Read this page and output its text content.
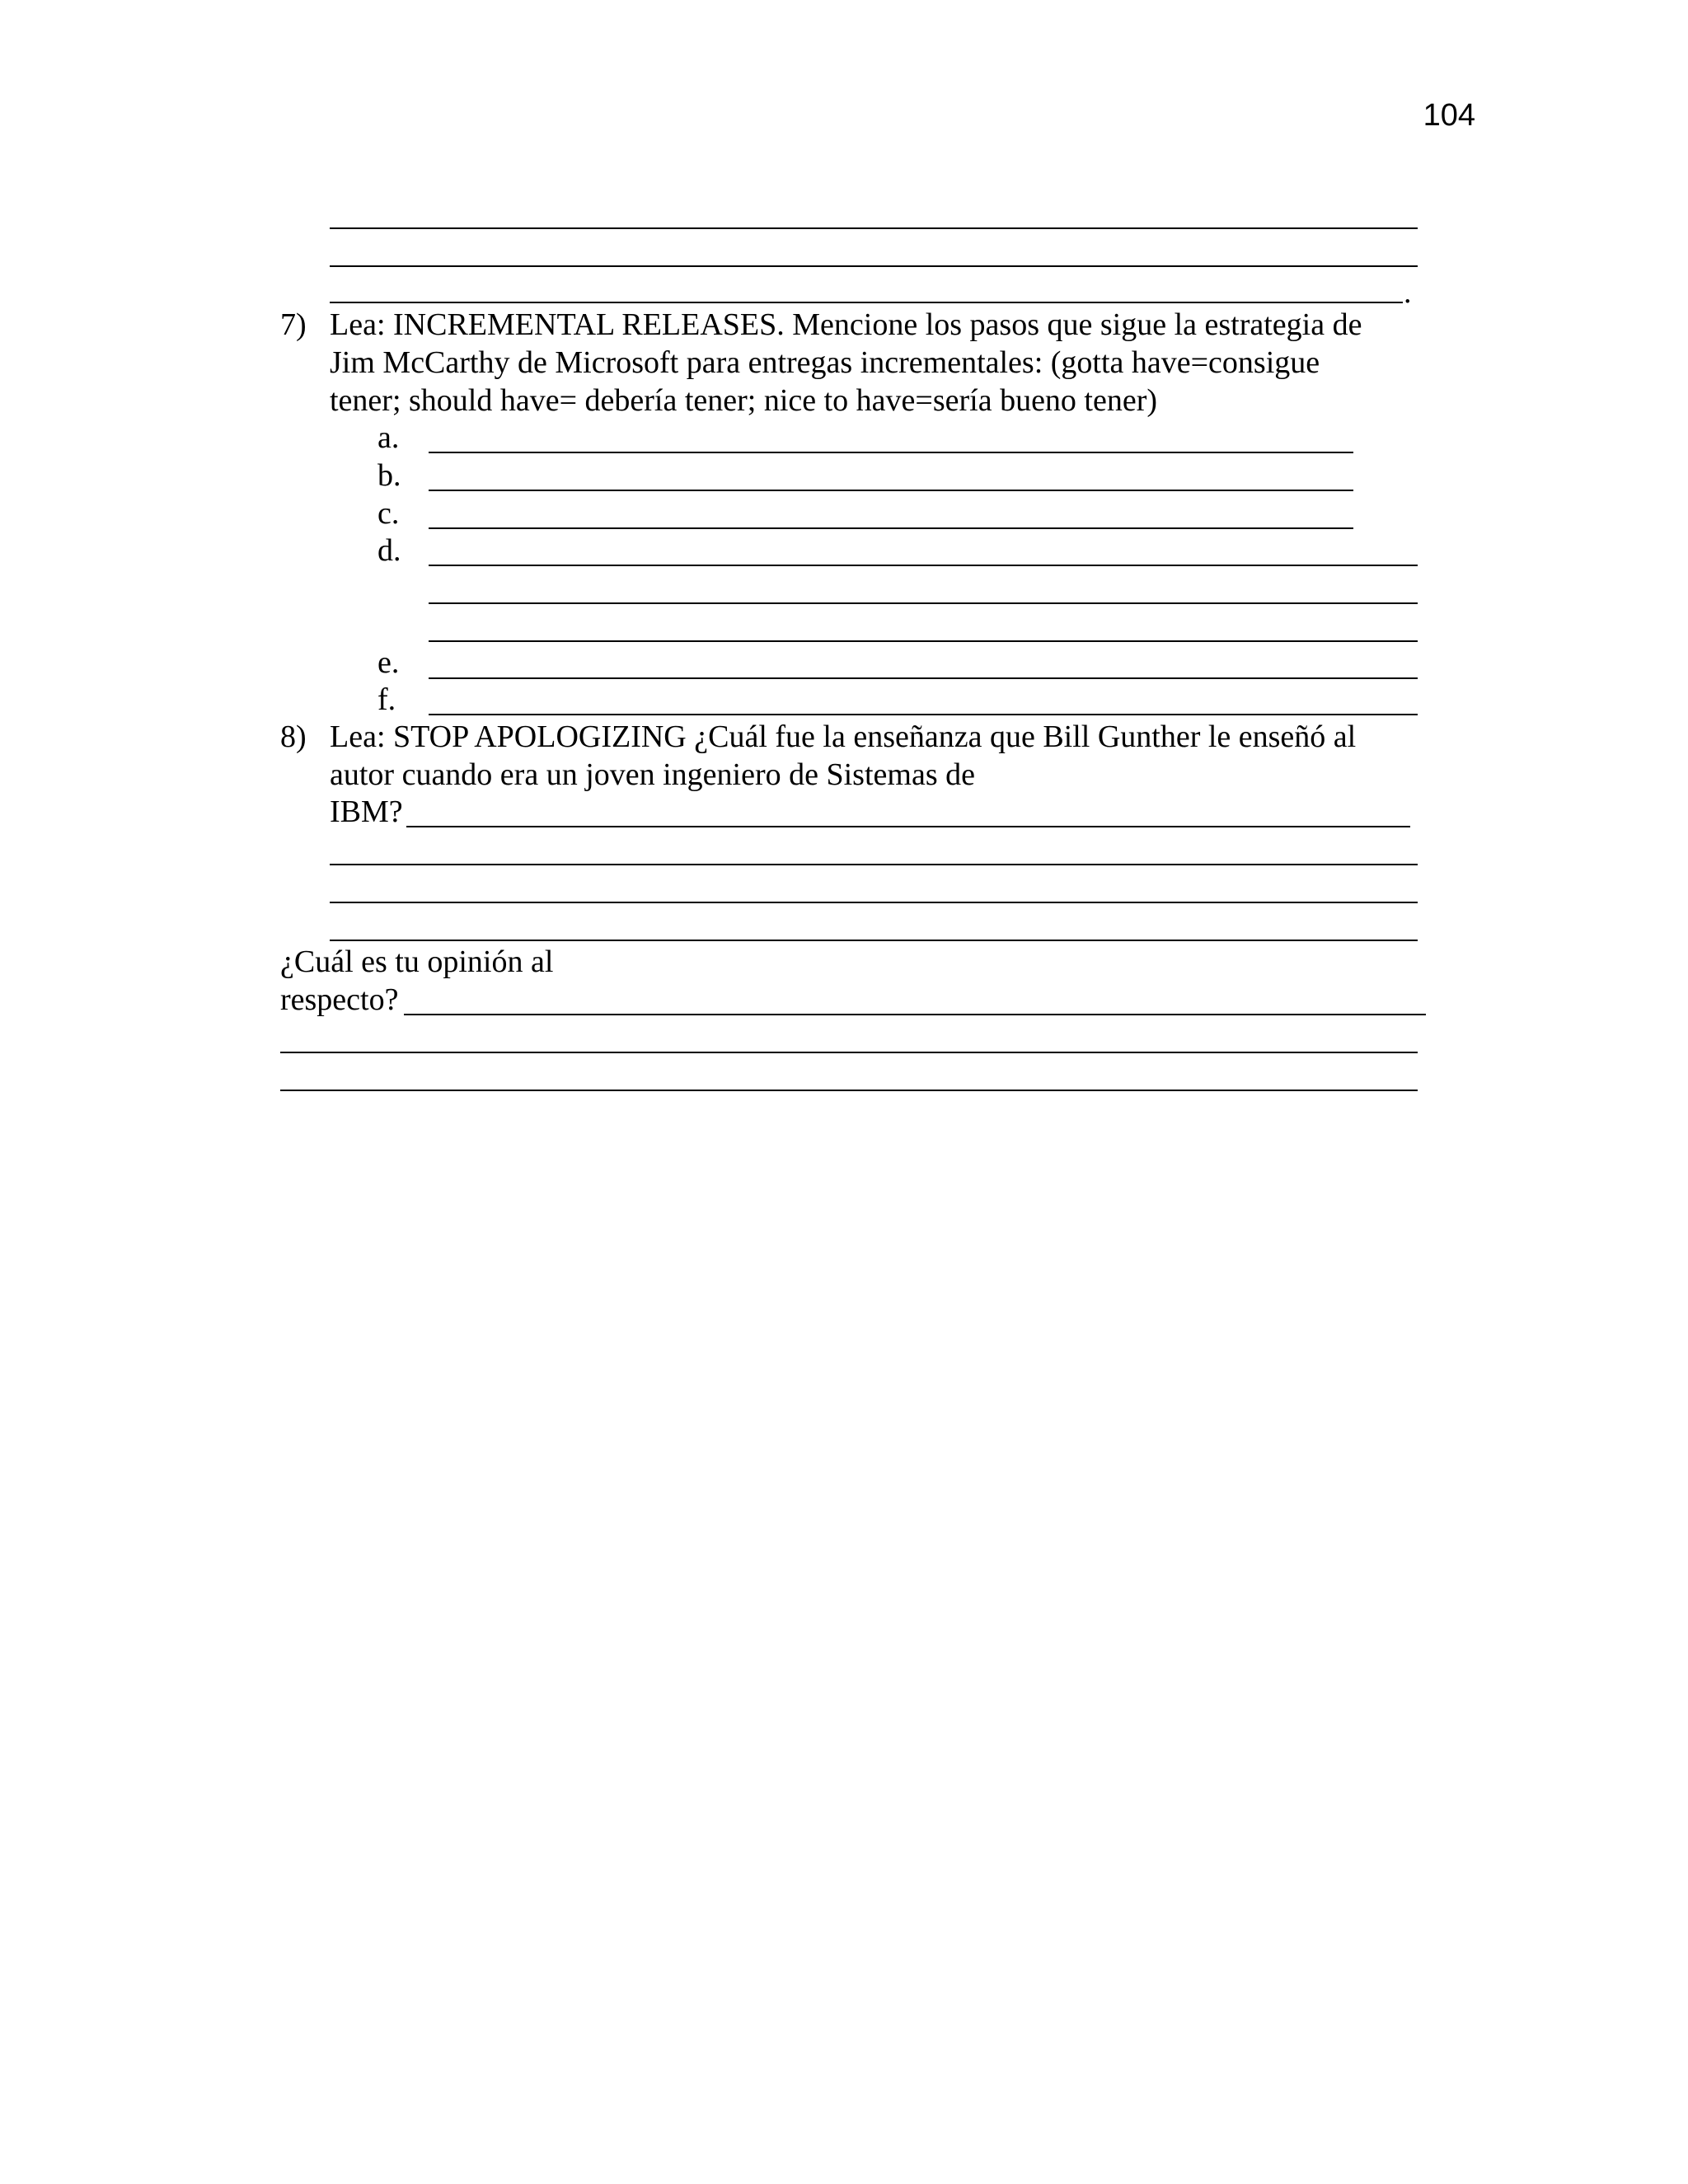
104
.
7) Lea: INCREMENTAL RELEASES. Mencione los pasos que sigue la estrategia de
Jim McCarthy de Microsoft para entregas incrementales: (gotta have=consigue
tener; should have= debería tener; nice to have=sería bueno tener)
a.
b.
c.
d.
e.
f.
8) Lea: STOP APOLOGIZING ¿Cuál fue la enseñanza que Bill Gunther le enseñó al
autor cuando era un joven ingeniero de Sistemas de
IBM?
¿Cuál es tu opinión al
respecto?
